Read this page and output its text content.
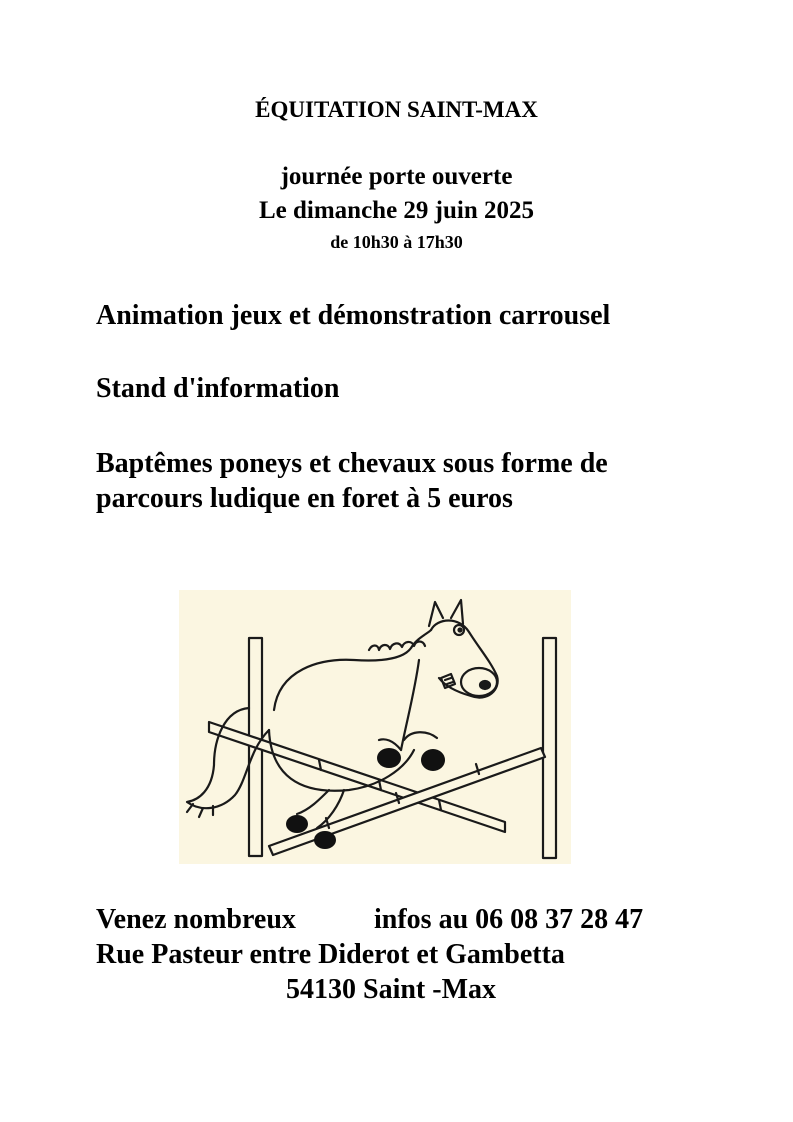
ÉQUITATION SAINT-MAX
journée porte ouverte
Le dimanche 29 juin 2025
de 10h30 à 17h30
Animation jeux et démonstration carrousel
Stand d'information
Baptêmes poneys et chevaux sous forme de
parcours ludique en foret à 5 euros
Venez nombreux	infos au 06 08 37 28 47
Rue Pasteur entre Diderot et Gambetta
54130 Saint -Max
